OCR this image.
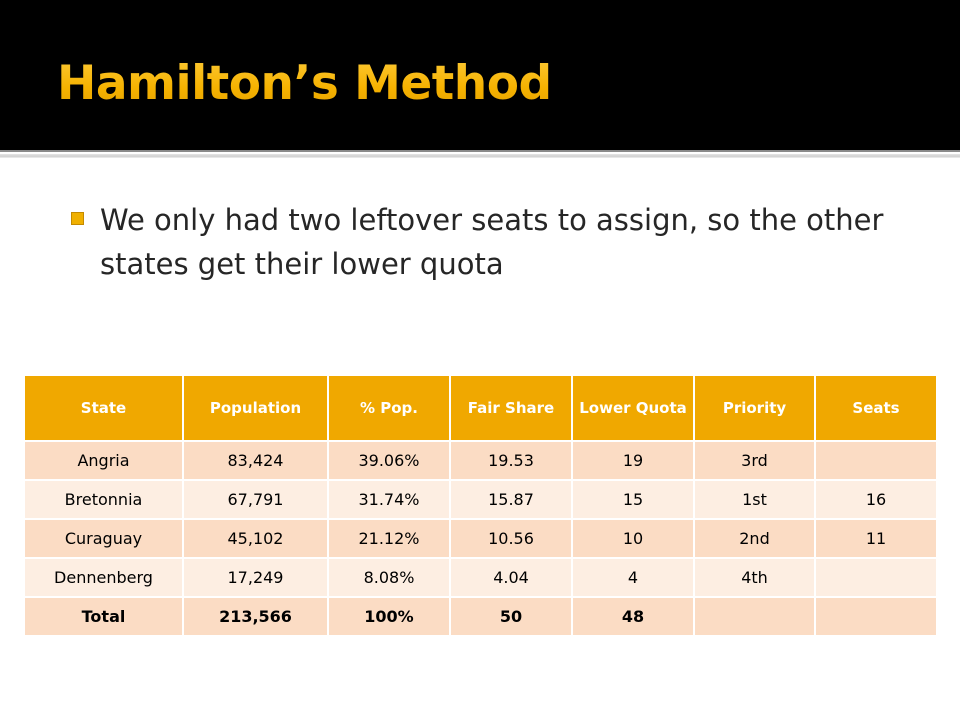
Hamilton’s Method
We only had two leftover seats to assign, so the other states get their lower quota
State	Population	% Pop.	Fair Share	Lower Quota	Priority	Seats
Angria	83,424	39.06%	19.53	19	3rd	
Bretonnia	67,791	31.74%	15.87	15	1st	16
Curaguay	45,102	21.12%	10.56	10	2nd	11
Dennenberg	17,249	8.08%	4.04	4	4th	
Total	213,566	100%	50	48		
